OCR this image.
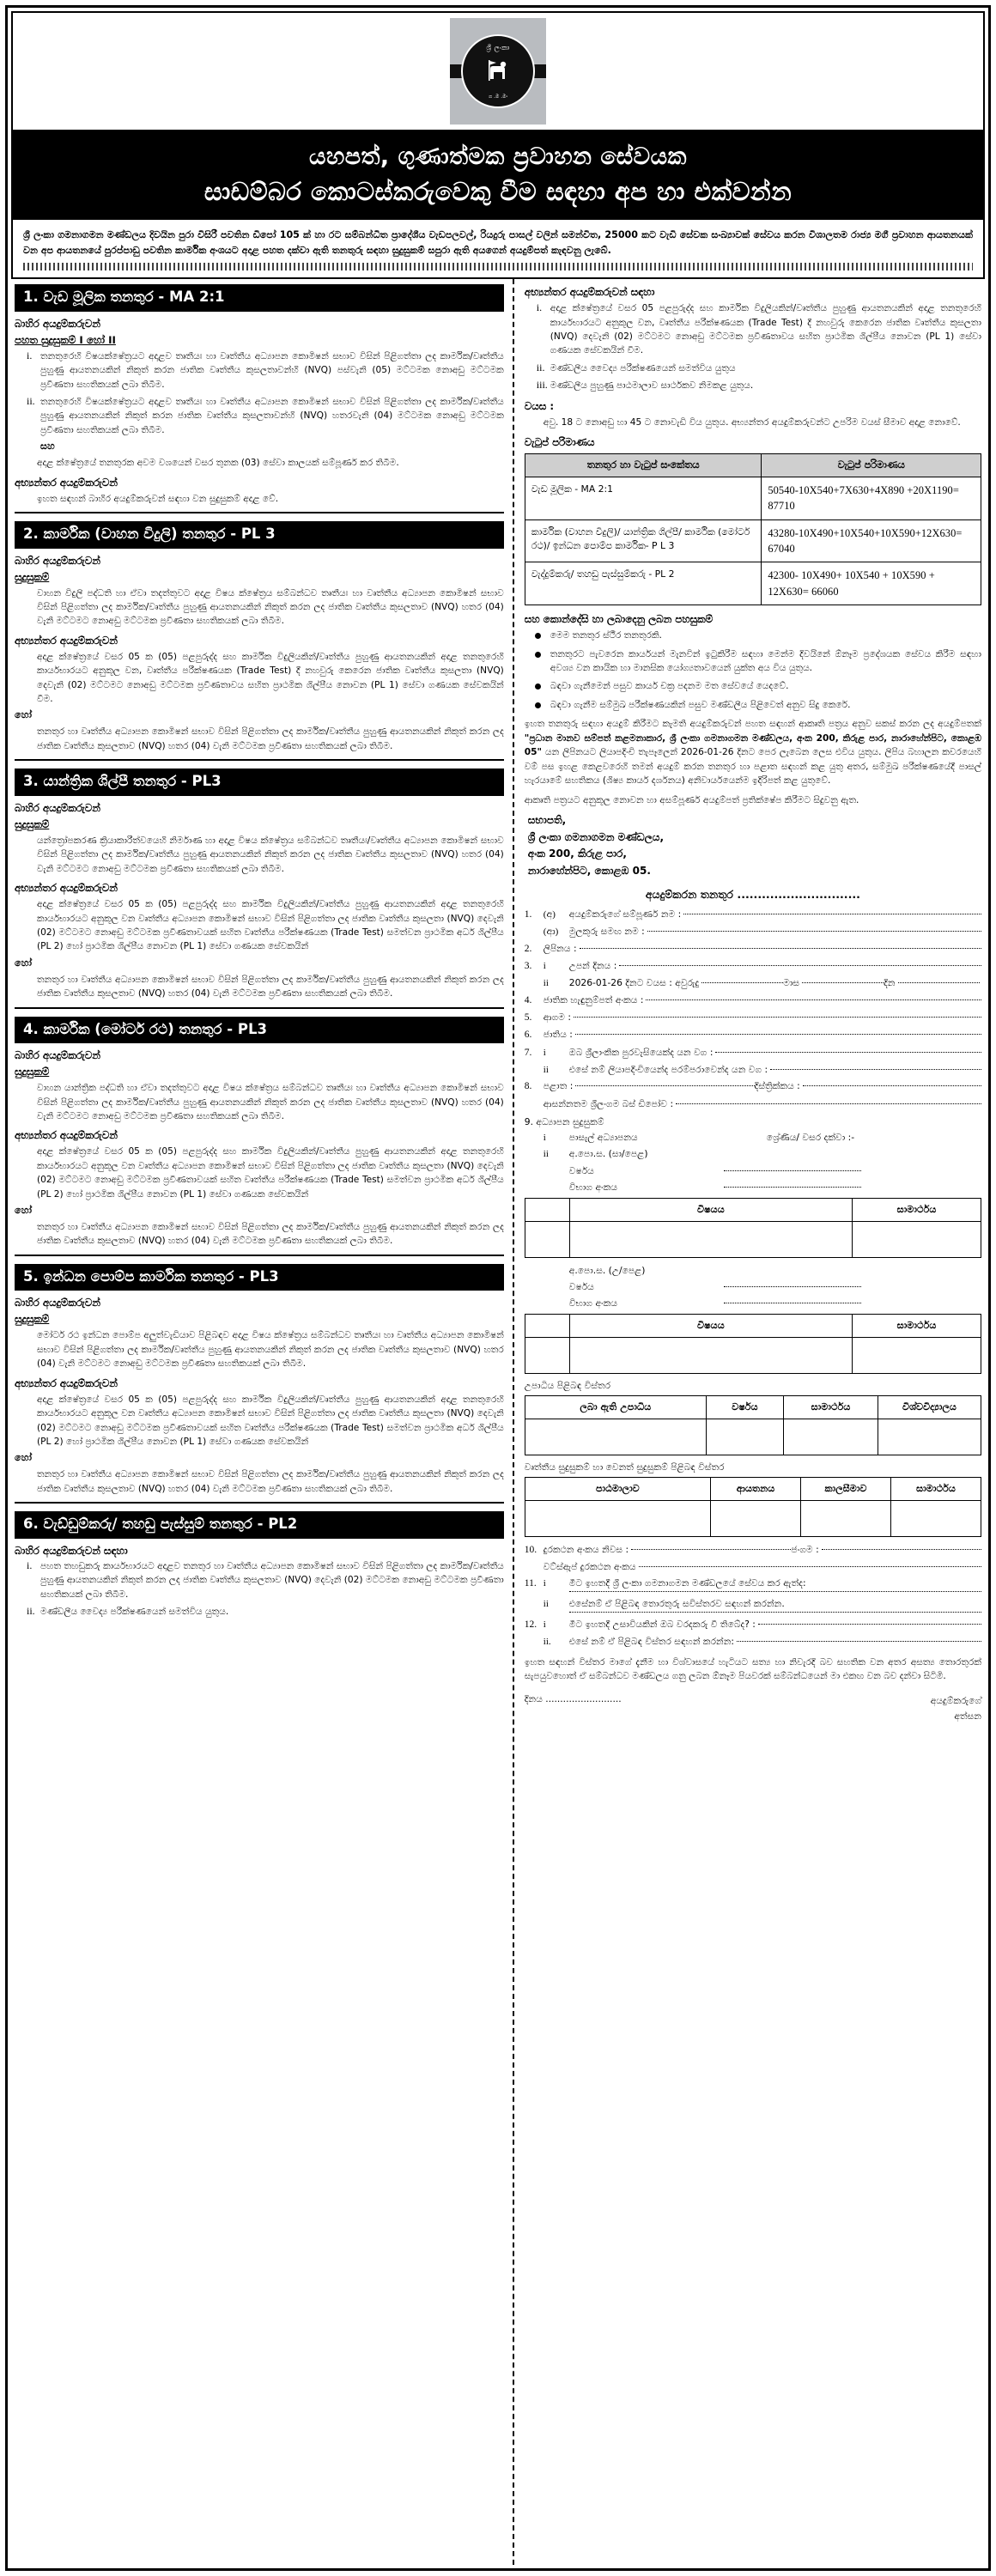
ශ්‍රී ලංකා
ග .ම .මං
යහපත්, ගුණාත්මක ප්‍රවාහන සේවයක
සාඩම්බර කොටස්කරුවෙකු වීම සඳහා අප හා එක්වන්න
ශ්‍රී ලංකා ගමනාගමන මණ්ඩලය දිවයින පුරා විසිරී පවතින ඩිපෝ 105 ක් හා රට සම්බන්ධිත ප්‍රාදේශීය වැඩපලවල්, රියදුරු පාසල් වලින් සමන්විත, 25000 කට වැඩි සේවක සංඛ්‍යාවක් සේවය කරන විශාලතම රාජ්‍ය මගී ප්‍රවාහන ආයතනයක් වන අප ආයතනයේ පුරප්පාඩු පවතින කාර්මික අංශයට අදාළ පහත දක්වා ඇති තනතුරු සඳහා සුදුසුකම් සපුරා ඇති අයගෙන් අයදුම්පත් කැඳවනු ලැබේ.
1. වැඩ මූලික තනතුර - MA 2:1
බාහිර අයදුම්කරුවන්
පහත සුදුසුකම් I හෝ II
i. තනතුරෙහි විෂයක්ෂේත්‍රයට අදාළව තෘතීයඃ හා වෘත්තීය අධ්‍යාපන කොමිෂන් සභාව විසින් පිළිගත්තා ලද කාර්මික/වෘත්තීය පුහුණු ආයතනයකින් නිකුත් කරන ජාතික වෘත්තීය කුසලතාවන්හි (NVQ) පස්වැනි (05) මට්ටමක නොඅඩු මට්ටමක ප්‍රවීණතා සහතිකයක් ලබා තිබීම.
ii. තනතුරෙහි විෂයක්ෂේත්‍රයට අදාළව තෘතීයඃ හා වෘත්තීය අධ්‍යාපන කොමිෂන් සභාව විසින් පිළිගත්තා ලද කාර්මික/වෘත්තීය පුහුණු ආයතනයකින් නිකුත් කරන ජාතික වෘත්තීය කුසලතාවන්හි (NVQ) හතරවැනි (04) මට්ටමක නොඅඩු මට්ටමක ප්‍රවීණතා සහතිකයක් ලබා තිබීම.
සහ
අදාළ ක්ෂේත්‍රයේ තනතුරක අවම වශයෙන් වසර තුනක (03) සේවා කාලයක් සම්පූර්ණ කර තිබීම.
අභ්‍යන්තර අයදුම්කරුවන්
ඉහත සඳහන් බාහිර අයදුම්කරුවන් සඳහා වන සුදුසුකම් අදාළ වේ.
2. කාර්මික (වාහන විදුලි) තනතුර - PL 3
බාහිර අයදුම්කරුවන්
සුදුසුකම්
වාහන විදුලි පද්ධති හා ඒවා තදත්තුවට අදාළ විෂය ක්ෂේත්‍රය සම්බන්ධව තෘතීයඃ හා වෘත්තීය අධ්‍යාපන කොමිෂන් සභාව විසින් පිළිගත්තා ලද කාර්මික/වෘත්තීය පුහුණු ආයතනයකින් නිකුත් කරන ලද ජාතික වෘත්තීය කුසලතාව (NVQ) හතර (04) වැනි මට්ටමට නොඅඩු මට්ටමක ප්‍රවීණතා සහතිකයක් ලබා තිබීම.
අභ්‍යන්තර අයදුම්කරුවන්
අදාළ ක්ෂේත්‍රයේ වසර 05 ක (05) පළපුරුද්ද සහ කාර්මික විදුලියකින්/වෘත්තීය පුහුණු ආයතනයකින් අදාළ තනතුරෙහි කාර්යභාරයට අනුකූල වන, වෘත්තීය පරීක්ෂණයක (Trade Test) දී නහවුරු කෙරෙන ජාතික වෘත්තීය කුසලතා (NVQ) දෙවැනි (02) මට්ටමට නොඅඩු මට්ටමක ප්‍රවීණතාවය සහිත ප්‍රාථමික ශිල්පීය නොවන (PL 1) සේවා ගණයක සේවකයින් වීම.
හෝ
තනතුර හා වෘත්තීය අධ්‍යාපන කොමිෂන් සභාව විසින් පිළිගත්තා ලද කාර්මික/වෘත්තීය පුහුණු ආයතනයකින් නිකුත් කරන ලද ජාතික වෘත්තීය කුසලතාව (NVQ) හතර (04) වැනි මට්ටමක ප්‍රවීණතා සහතිකයක් ලබා තිබීම.
3. යාන්ත්‍රික ශිල්පී තනතුර - PL3
බාහිර අයදුම්කරුවන්
සුදුසුකම්
යන්ත්‍රෝපකරණ ක්‍රියාකාරීත්වයෙහි නිර්මාණ හා අදාළ විෂය ක්ෂේත්‍රය සම්බන්ධව තෘතීයඃ/වෘත්තීය අධ්‍යාපන කොමිෂන් සභාව විසින් පිළිගත්තා ලද කාර්මික/වෘත්තීය පුහුණු ආයතනයකින් නිකුත් කරන ලද ජාතික වෘත්තීය කුසලතාව (NVQ) හතර (04) වැනි මට්ටමට නොඅඩු මට්ටමක ප්‍රවීණතා සහතිකයක් ලබා තිබීම.
අභ්‍යන්තර අයදුම්කරුවන්
අදාළ ක්ෂේත්‍රයේ වසර 05 ක (05) පළපුරුද්ද සහ කාර්මික විදුලියකින්/වෘත්තීය පුහුණු ආයතනයකින් අදාළ තනතුරෙහි කාර්යභාරයට අනුකූල වන වෘත්තීය අධ්‍යාපන කොමිෂන් සභාව විසින් පිළිගත්තා ලද ජාතික වෘත්තීය කුසලතා (NVQ) දෙවැනි (02) මට්ටමට නොඅඩු මට්ටමක ප්‍රවීණතාවයක් සහිත වෘත්තීය පරීක්ෂණයක (Trade Test) සමත්වන ප්‍රාථමික අර්ධ ශිල්පීය (PL 2) හෝ ප්‍රාථමික ශිල්පීය නොවන (PL 1) සේවා ගණයක සේවකයින්
හෝ
තනතුර හා වෘත්තීය අධ්‍යාපන කොමිෂන් සභාව විසින් පිළිගත්තා ලද කාර්මික/වෘත්තීය පුහුණු ආයතනයකින් නිකුත් කරන ලද ජාතික වෘත්තීය කුසලතාව (NVQ) හතර (04) වැනි මට්ටමක ප්‍රවීණතා සහතිකයක් ලබා තිබීම.
4. කාර්මික (මෝටර් රථ) තනතුර - PL3
බාහිර අයදුම්කරුවන්
සුදුසුකම්
වාහන යාන්ත්‍රික පද්ධති හා ඒවා තදත්තුවට අදාළ විෂය ක්ෂේත්‍රය සම්බන්ධව තෘතීයඃ හා වෘත්තීය අධ්‍යාපන කොමිෂන් සභාව විසින් පිළිගත්තා ලද කාර්මික/වෘත්තීය පුහුණු ආයතනයකින් නිකුත් කරන ලද ජාතික වෘත්තීය කුසලතාව (NVQ) හතර (04) වැනි මට්ටමට නොඅඩු මට්ටමක ප්‍රවීණතා සහතිකයක් ලබා තිබීම.
අභ්‍යන්තර අයදුම්කරුවන්
අදාළ ක්ෂේත්‍රයේ වසර 05 ක (05) පළපුරුද්ද සහ කාර්මික විදුලියකින්/වෘත්තීය පුහුණු ආයතනයකින් අදාළ තනතුරෙහි කාර්යභාරයට අනුකූල වන වෘත්තීය අධ්‍යාපන කොමිෂන් සභාව විසින් පිළිගත්තා ලද ජාතික වෘත්තීය කුසලතා (NVQ) දෙවැනි (02) මට්ටමට නොඅඩු මට්ටමක ප්‍රවීණතාවයක් සහිත වෘත්තීය පරීක්ෂණයක (Trade Test) සමත්වන ප්‍රාථමික අර්ධ ශිල්පීය (PL 2) හෝ ප්‍රාථමික ශිල්පීය නොවන (PL 1) සේවා ගණයක සේවකයින්
හෝ
තනතුර හා වෘත්තීය අධ්‍යාපන කොමිෂන් සභාව විසින් පිළිගත්තා ලද කාර්මික/වෘත්තීය පුහුණු ආයතනයකින් නිකුත් කරන ලද ජාතික වෘත්තීය කුසලතාව (NVQ) හතර (04) වැනි මට්ටමක ප්‍රවීණතා සහතිකයක් ලබා තිබීම.
5. ඉන්ධන පොම්ප කාර්මික තනතුර - PL3
බාහිර අයදුම්කරුවන්
සුදුසුකම්
මෝටර් රථ ඉන්ධන පොම්ප අලුත්වැඩියාව පිළිබඳව අදාළ විෂය ක්ෂේත්‍රය සම්බන්ධව තෘතීයඃ හා වෘත්තීය අධ්‍යාපන කොමිෂන් සභාව විසින් පිළිගත්තා ලද කාර්මික/වෘත්තීය පුහුණු ආයතනයකින් නිකුත් කරන ලද ජාතික වෘත්තීය කුසලතාව (NVQ) හතර (04) වැනි මට්ටමට නොඅඩු මට්ටමක ප්‍රවීණතා සහතිකයක් ලබා තිබීම.
අභ්‍යන්තර අයදුම්කරුවන්
අදාළ ක්ෂේත්‍රයේ වසර 05 ක (05) පළපුරුද්ද සහ කාර්මික විදුලියකින්/වෘත්තීය පුහුණු ආයතනයකින් අදාළ තනතුරෙහි කාර්යභාරයට අනුකූල වන වෘත්තීය අධ්‍යාපන කොමිෂන් සභාව විසින් පිළිගත්තා ලද ජාතික වෘත්තීය කුසලතා (NVQ) දෙවැනි (02) මට්ටමට නොඅඩු මට්ටමක ප්‍රවීණතාවයක් සහිත වෘත්තීය පරීක්ෂණයක (Trade Test) සමත්වන ප්‍රාථමික අර්ධ ශිල්පීය (PL 2) හෝ ප්‍රාථමික ශිල්පීය නොවන (PL 1) සේවා ගණයක සේවකයින්
හෝ
තනතුර හා වෘත්තීය අධ්‍යාපන කොමිෂන් සභාව විසින් පිළිගත්තා ලද කාර්මික/වෘත්තීය පුහුණු ආයතනයකින් නිකුත් කරන ලද ජාතික වෘත්තීය කුසලතාව (NVQ) හතර (04) වැනි මට්ටමක ප්‍රවීණතා සහතිකයක් ලබා තිබීම.
6. වැඩ්ඩුම්කරු/ තහඩු පැස්සුම් තනතුර - PL2
බාහිර අයදුම්කරුවන් සඳහා
i. පහත තහඩුකරු කාර්යභාරයට අදාළව තනතුර හා වෘත්තීය අධ්‍යාපන කොමිෂන් සභාව විසින් පිළිගත්තා ලද කාර්මික/වෘත්තීය පුහුණු ආයතනයකින් නිකුත් කරන ලද ජාතික වෘත්තීය කුසලතාව (NVQ) දෙවැනි (02) මට්ටමක නොඅඩු මට්ටමක ප්‍රවීණතා සහතිකයක් ලබා තිබීම.
ii. මණ්ඩලීය වෛද්‍ය පරීක්ෂණයෙන් සමත්විය යුතුය.
අභ්‍යන්තර අයදුම්කරුවන් සඳහා
i. අදාළ ක්ෂේත්‍රයේ වසර 05 පළපුරුද්ද සහ කාර්මික විදුලියකින්/වෘත්තීය පුහුණු ආයතනයකින් අදාළ තනතුරෙහි කාර්යභාරයට අනුකූල වන, වෘත්තීය පරීක්ෂණයක (Trade Test) දී නහවුරු කෙරෙන ජාතික වෘත්තීය කුසලතා (NVQ) දෙවැනි (02) මට්ටමට නොඅඩු මට්ටමක ප්‍රවීණතාවය සහිත ප්‍රාථමික ශිල්පීය නොවන (PL 1) සේවා ගණයක සේවකයින් වීම.
ii. මණ්ඩලීය වෛද්‍ය පරීක්ෂණයෙන් සමත්විය යුතුය
iii. මණ්ඩලීය පුහුණු පාඨමාලාව සාර්ථකව නිමකළ යුතුය.
වයස :
අවු. 18 ට නොඅඩු හා 45 ට නොවැඩි විය යුතුය. අභ්‍යන්තර අයදුම්කරුවන්ට උපරිම වයස් සීමාව අදාළ නොවේ.
වැටුප් පරිමාණය
තනතුර හා වැටුප් සංකේතය	වැටුප් පරිමාණය
වැඩ මූලික - MA 2:1	50540-10X540+7X630+4X890 +20X1190= 87710
කාර්මික (වාහන විදුලි)/ යාන්ත්‍රික ශිල්පී/ කාර්මික (මෝටර් රථ)/ ඉන්ධන පොම්ප කාර්මික- P L 3	43280-10X490+10X540+10X590+12X630= 67040
වැද්දුම්කරු/ තහඩු පැස්සුම්කරු - PL 2	42300- 10X490+ 10X540 + 10X590 + 12X630= 66060
සහ කොන්දේසි හා ලබාදෙනු ලබන පහසුකම්
මෙම තනතුර ස්ථීර තනතුරකි.
තනතුරට පැවරෙන කාර්යයන් මැනවින් ඉටුකිරීම සඳහා මෙන්ම දිවයිනේ ඕනෑම ප්‍රදේශයක සේවය කිරීම සඳහා අවශ්‍ය වන කායික හා මානසික යෝග්‍යතාවයෙන් යුක්ත අය විය යුතුය.
බඳවා ගැනීමෙන් පසුව කාර්ය චක්‍ර පදනම මත සේවයේ යෙදවේ.
බඳවා ගැනීම සම්මුඛ පරීක්ෂණයකින් පසුව මණ්ඩලීය පිළිවෙත් අනුව සිදු කෙරේ.
ඉහත තනතුරු සඳහා අයදුම් කිරීමට කැමති අයදුම්කරුවන් පහත සඳහන් ආකෘති පත්‍රය අනුව සකස් කරන ලද අයදුම්පතක් "ප්‍රධාන මානව සම්පත් කළමනාකාර, ශ්‍රී ලංකා ගමනාගමන මණ්ඩලය, අංක 200, කිරුළ පාර, නාරාහේන්පිට, කොළඹ 05" යන ලිපිනයට ලියාපදිංචි තැපෑලෙන් 2026-01-26 දිනට පෙර ලැබෙන ලෙස එවිය යුතුය. ලිපිය බහාලන කවරයෙහි වම් පස ඉහළ කෙළවරෙහි තමන් අයදුම් කරන තනතුර හා පළාත සඳහන් කළ යුතු අතර, සම්මුඛ පරීක්ෂණයේදී පාසල් හැරයාමේ සහතිකය (ශිෂ්‍ය කාර්ය දර්ශනය) අනිවාර්යයෙන්ම ඉදිරිපත් කළ යුතුවේ.
ආකෘති පත්‍රයට අනුකූල නොවන හා අසම්පූර්ණ අයදුම්පත් ප්‍රතික්ෂේප කිරීමට සිදුවනු ඇත.
සභාපති,
ශ්‍රී ලංකා ගමනාගමන මණ්ඩලය,
අංක 200, කිරුළ පාර,
නාරාහේන්පිට, කොළඹ 05.
අයදුම්කරන තනතුර ..............................
1.	(අ)	අයදුම්කරුගේ සම්පූර්ණ නම :
(ආ)	මුලකුරු සමඟ නම :
2.	ලිපිනය :
3.	i	උපන් දිනය :
ii	2026-01-26 දිනට වයස : අවුරුදු	මාස	දින
4.	ජාතික හැඳුනුම්පත් අංකය :
5.	ආගම :
6.	ජාතිය :
7.	i	ඔබ ශ්‍රීලාංකික පුරවැසියෙක්ද යන වග :
ii	එසේ නම් ලියාපදිංචියෙන්ද පරම්පරාවෙන්ද යන වග :
8.	පළාත :	දිස්ත්‍රික්කය :
ආසන්නතම ශ්‍රීලංගම බස් ඩිපෝව :
9. අධ්‍යාපන සුදුසුකම්
i	පාසැල් අධ්‍යාපනය	ශ්‍රේණිය/ වසර දක්වා :-
ii	අ.පො.ස. (සා/පෙළ)
වර්ෂය
විභාග අංකය
	විෂයය	සාමාර්ථය

අ.පො.ස. (උ/පෙළ)
වර්ෂය
විභාග අංකය
	විෂයය	සාමාර්ථය

උපාධිය පිළිබඳ විස්තර
ලබා ඇති උපාධිය	වර්ෂය	සාමාර්ථය	විශ්වවිද්‍යාලය

වෘත්තීය සුදුසුකම් හා වෙනත් සුදුසුකම් පිළිබඳ විස්තර
පාඨමාලාව	ආයතනය	කාලසීමාව	සාමාර්ථය

10. දුරකථන අංකය නිවස :	ජංගම :
වට්ස්ඇප් දුරකථන අංකය
11. i	මීට ඉහතදී ශ්‍රී ලංකා ගමනාගමන මණ්ඩලයේ සේවය කර ඇත්ද:
ii	එසේනම් ඒ පිළිබඳ තොරතුරු සවිස්තරව සඳහන් කරන්න.
12. i	මීට ඉහතදී උසාවියකින් ඔබ වරදකරු වී තිබේද? :
ii.	එසේ නම් ඒ පිළිබඳ විස්තර සඳහන් කරන්න:
ඉහත සඳහන් විස්තර මාගේ දැනීම හා විශ්වාසයේ හැටියට සත්‍ය හා නිවැරදි බව සහතික වන අතර අසත්‍ය තොරතුරක් සැපයුවහොත් ඒ සම්බන්ධව මණ්ඩලය ගනු ලබන ඕනෑම පියවරක් සම්බන්ධයෙන් මා එකඟ වන බව දන්වා සිටිමි.
දිනය ..........................	අයදුම්කරුගේ
අත්සන
